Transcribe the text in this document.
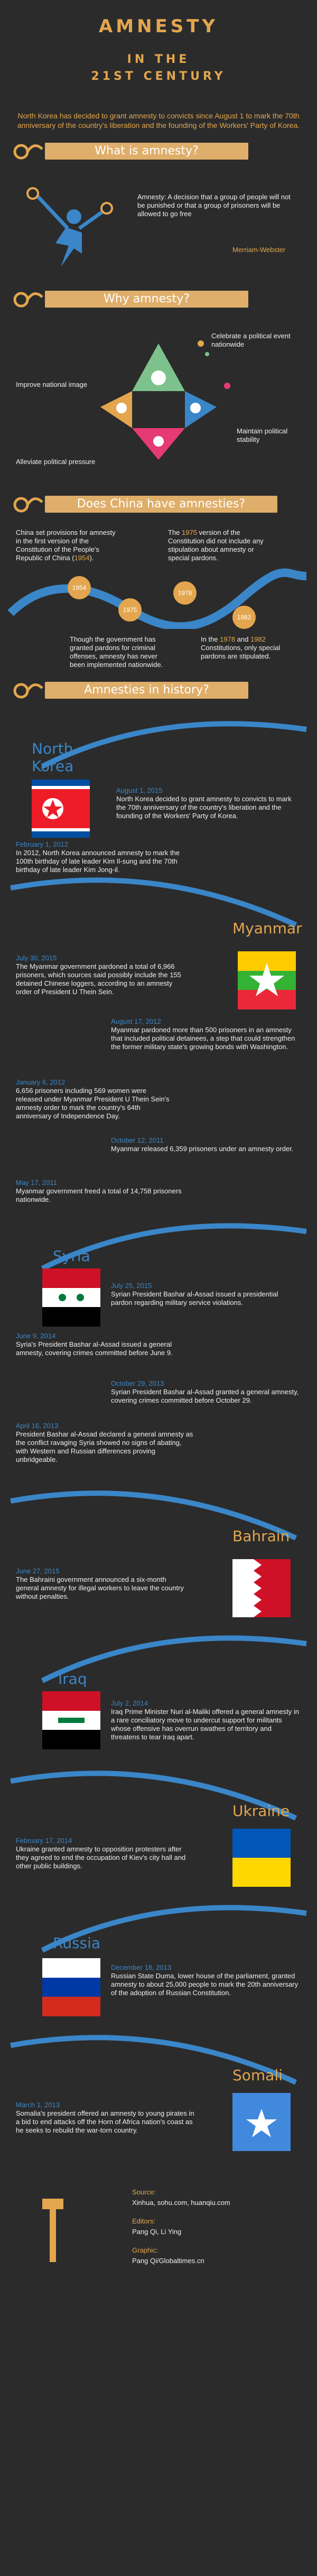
AMNESTY
IN THE
21ST CENTURY
North Korea has decided to grant amnesty to convicts since August 1 to mark the 70th anniversary of the country's liberation and the founding of the Workers' Party of Korea.
What is amnesty?
Amnesty: A decision that a group of people will not be punished or that a group of prisoners will be allowed to go free
Merriam-Webster
Why amnesty?
Celebrate a political event nationwide
Improve national image
Maintain political stability
Alleviate political pressure
Does China have amnesties?
China set provisions for amnesty in the first version of the Constitution of the People's Republic of China (1954).
The 1975 version of the Constitution did not include any stipulation about amnesty or special pardons.
1954
1975
1978
1982
Though the government has granted pardons for criminal offenses, amnesty has never been implemented nationwide.
In the 1978 and 1982 Constitutions, only special pardons are stipulated.
Amnesties in history?
North Korea
August 1, 2015
North Korea decided to grant amnesty to convicts to mark the 70th anniversary of the country's liberation and the founding of the Workers' Party of Korea.
February 1, 2012
In 2012, North Korea announced amnesty to mark the 100th birthday of late leader Kim Il-sung and the 70th birthday of late leader Kim Jong-il.
Myanmar
July 30, 2015
The Myanmar government pardoned a total of 6,966 prisoners, which sources said possibly include the 155 detained Chinese loggers, according to an amnesty order of President U Thein Sein.
August 17, 2012
Myanmar pardoned more than 500 prisoners in an amnesty that included political detainees, a step that could strengthen the former military state's growing bonds with Washington.
January 6, 2012
6,656 prisoners including 569 women were released under Myanmar President U Thein Sein's amnesty order to mark the country's 64th anniversary of Independence Day.
October 12, 2011
Myanmar released 6,359 prisoners under an amnesty order.
May 17, 2011
Myanmar government freed a total of 14,758 prisoners nationwide.
Syria
July 25, 2015
Syrian President Bashar al-Assad issued a presidential pardon regarding military service violations.
June 9, 2014
Syria's President Bashar al-Assad issued a general amnesty, covering crimes committed before June 9.
October 29, 2013
Syrian President Bashar al-Assad granted a general amnesty, covering crimes committed before October 29.
April 16, 2013
President Bashar al-Assad declared a general amnesty as the conflict ravaging Syria showed no signs of abating, with Western and Russian differences proving unbridgeable.
Bahrain
June 27, 2015
The Bahraini government announced a six-month general amnesty for illegal workers to leave the country without penalties.
Iraq
July 2, 2014
Iraq Prime Minister Nuri al-Maliki offered a general amnesty in a rare conciliatory move to undercut support for militants whose offensive has overrun swathes of territory and threatens to tear Iraq apart.
Ukraine
February 17, 2014
Ukraine granted amnesty to opposition protesters after they agreed to end the occupation of Kiev's city hall and other public buildings.
Russia
December 18, 2013
Russian State Duma, lower house of the parliament, granted amnesty to about 25,000 people to mark the 20th anniversary of the adoption of Russian Constitution.
Somali
March 1, 2013
Somalia's president offered an amnesty to young pirates in a bid to end attacks off the Horn of Africa nation's coast as he seeks to rebuild the war-torn country.
Source:
Xinhua, sohu.com, huanqiu.com
Editors:
Pang Qi, Li Ying
Graphic:
Pang Qi/Globaltimes.cn
